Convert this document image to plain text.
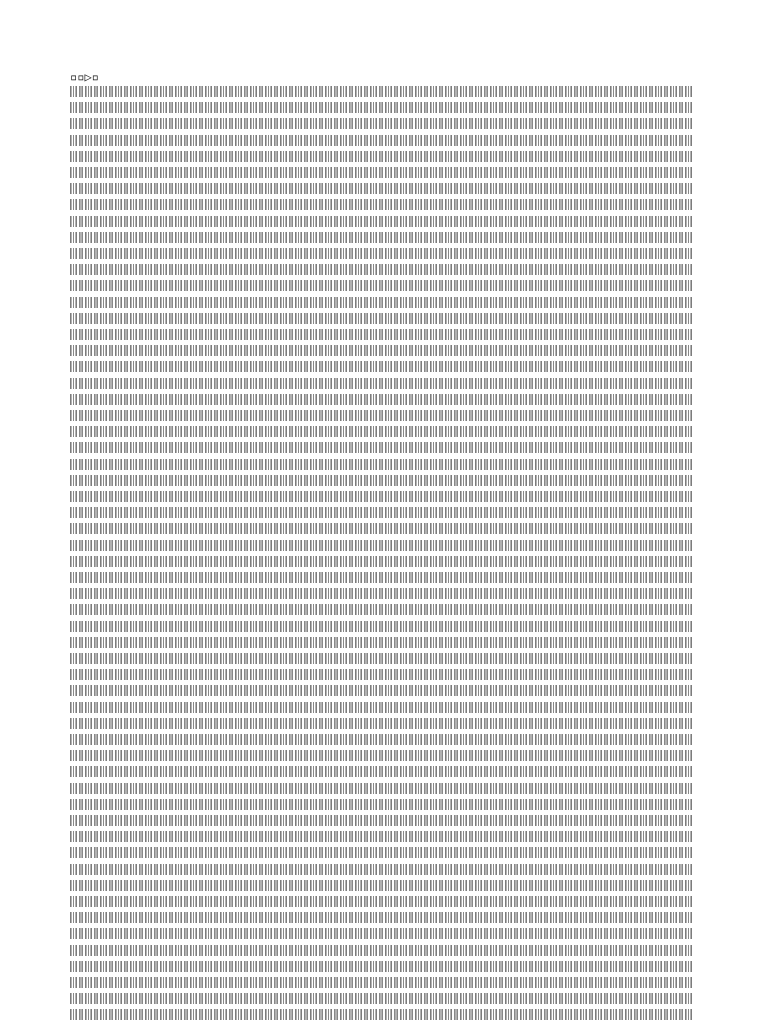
▫▫▷▫
